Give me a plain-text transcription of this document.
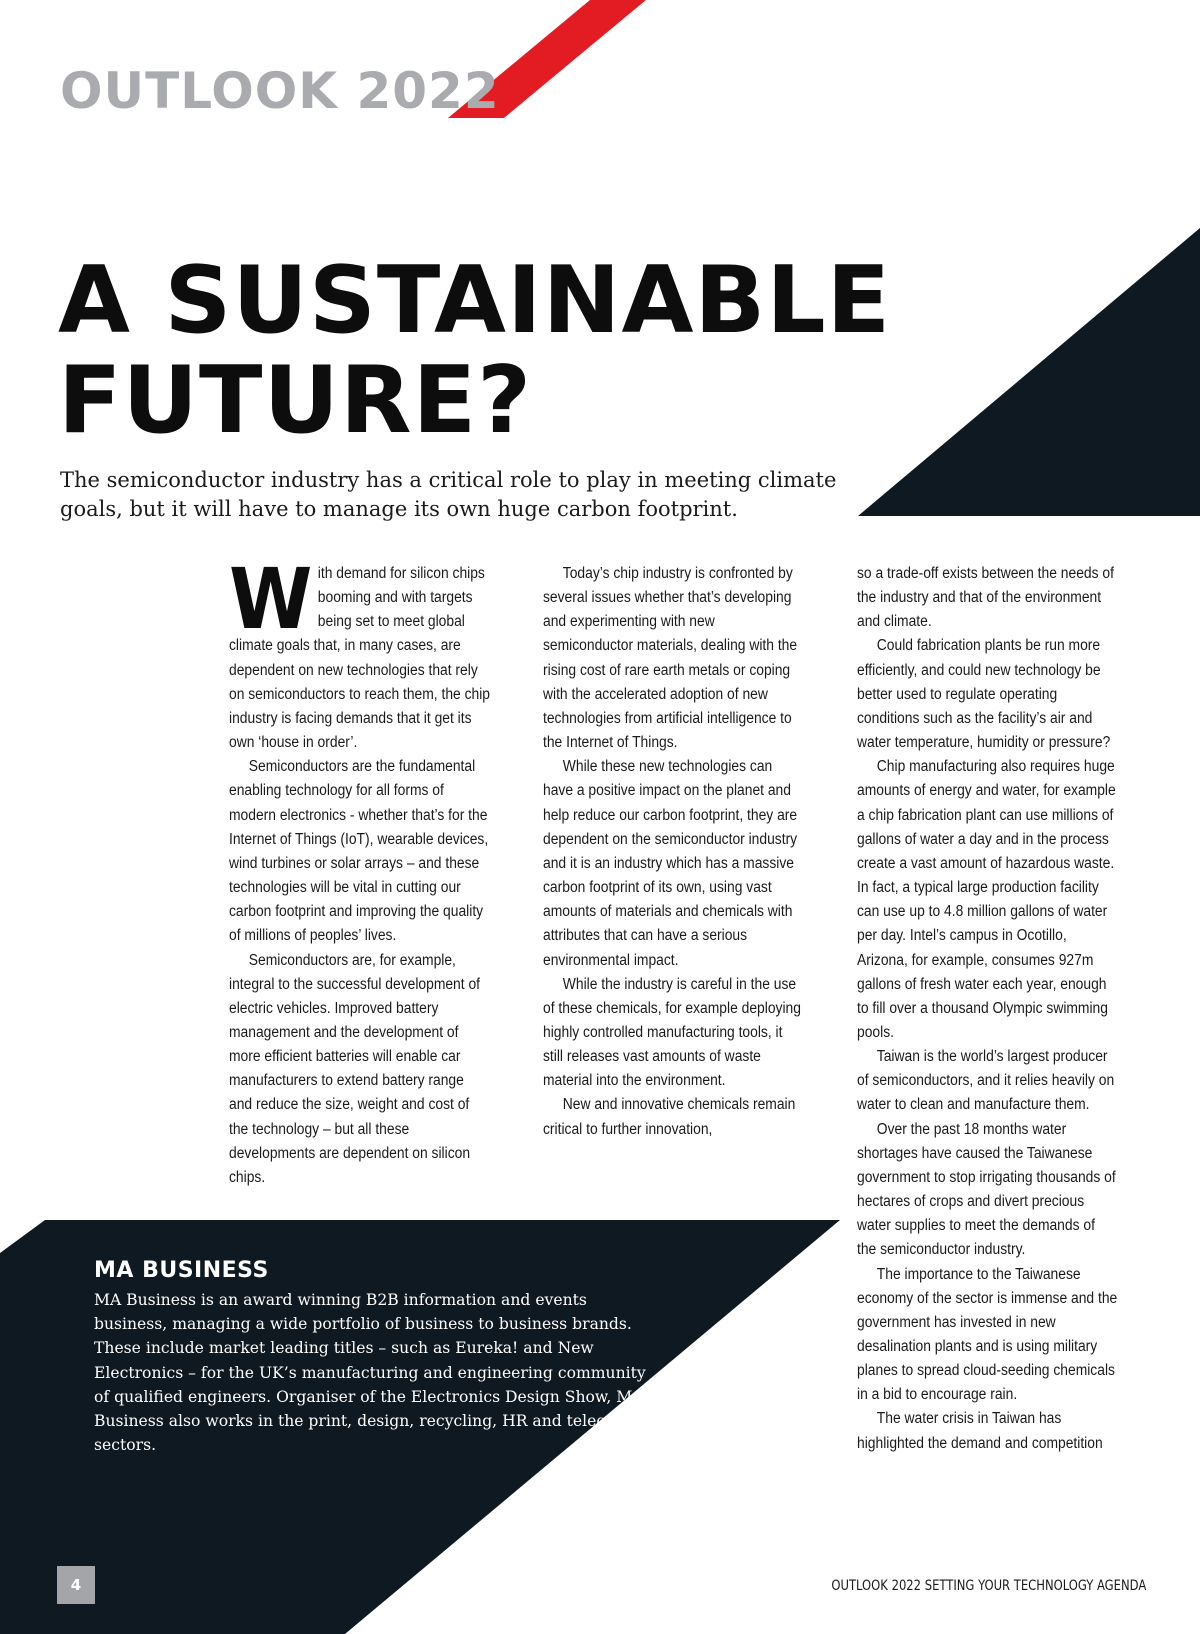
OUTLOOK 2022
A SUSTAINABLE
FUTURE?

The semiconductor industry has a critical role to play in meeting climate goals, but it will have to manage its own huge carbon footprint.

With demand for silicon chips booming and with targets being set to meet global climate goals that, in many cases, are dependent on new technologies that rely on semiconductors to reach them, the chip industry is facing demands that it get its own ‘house in order’.

Semiconductors are the fundamental enabling technology for all forms of modern electronics - whether that’s for the Internet of Things (IoT), wearable devices, wind turbines or solar arrays – and these technologies will be vital in cutting our carbon footprint and improving the quality of millions of peoples’ lives.

Semiconductors are, for example, integral to the successful development of electric vehicles. Improved battery management and the development of more efficient batteries will enable car manufacturers to extend battery range and reduce the size, weight and cost of the technology – but all these developments are dependent on silicon chips.

Today’s chip industry is confronted by several issues whether that’s developing and experimenting with new semiconductor materials, dealing with the rising cost of rare earth metals or coping with the accelerated adoption of new technologies from artificial intelligence to the Internet of Things.

While these new technologies can have a positive impact on the planet and help reduce our carbon footprint, they are dependent on the semiconductor industry and it is an industry which has a massive carbon footprint of its own, using vast amounts of materials and chemicals with attributes that can have a serious environmental impact.

While the industry is careful in the use of these chemicals, for example deploying highly controlled manufacturing tools, it still releases vast amounts of waste material into the environment.

New and innovative chemicals remain critical to further innovation,

so a trade-off exists between the needs of the industry and that of the environment and climate.

Could fabrication plants be run more efficiently, and could new technology be better used to regulate operating conditions such as the facility’s air and water temperature, humidity or pressure?

Chip manufacturing also requires huge amounts of energy and water, for example a chip fabrication plant can use millions of gallons of water a day and in the process create a vast amount of hazardous waste. In fact, a typical large production facility can use up to 4.8 million gallons of water per day. Intel’s campus in Ocotillo, Arizona, for example, consumes 927m gallons of fresh water each year, enough to fill over a thousand Olympic swimming pools.

Taiwan is the world’s largest producer of semiconductors, and it relies heavily on water to clean and manufacture them.

Over the past 18 months water shortages have caused the Taiwanese government to stop irrigating thousands of hectares of crops and divert precious water supplies to meet the demands of the semiconductor industry.

The importance to the Taiwanese economy of the sector is immense and the government has invested in new desalination plants and is using military planes to spread cloud-seeding chemicals in a bid to encourage rain.

The water crisis in Taiwan has highlighted the demand and competition

MA BUSINESS

MA Business is an award winning B2B information and events business, managing a wide portfolio of business to business brands. These include market leading titles – such as Eureka! and New Electronics – for the UK’s manufacturing and engineering community of qualified engineers. Organiser of the Electronics Design Show, MA Business also works in the print, design, recycling, HR and telecoms sectors.

4	OUTLOOK 2022 SETTING YOUR TECHNOLOGY AGENDA
